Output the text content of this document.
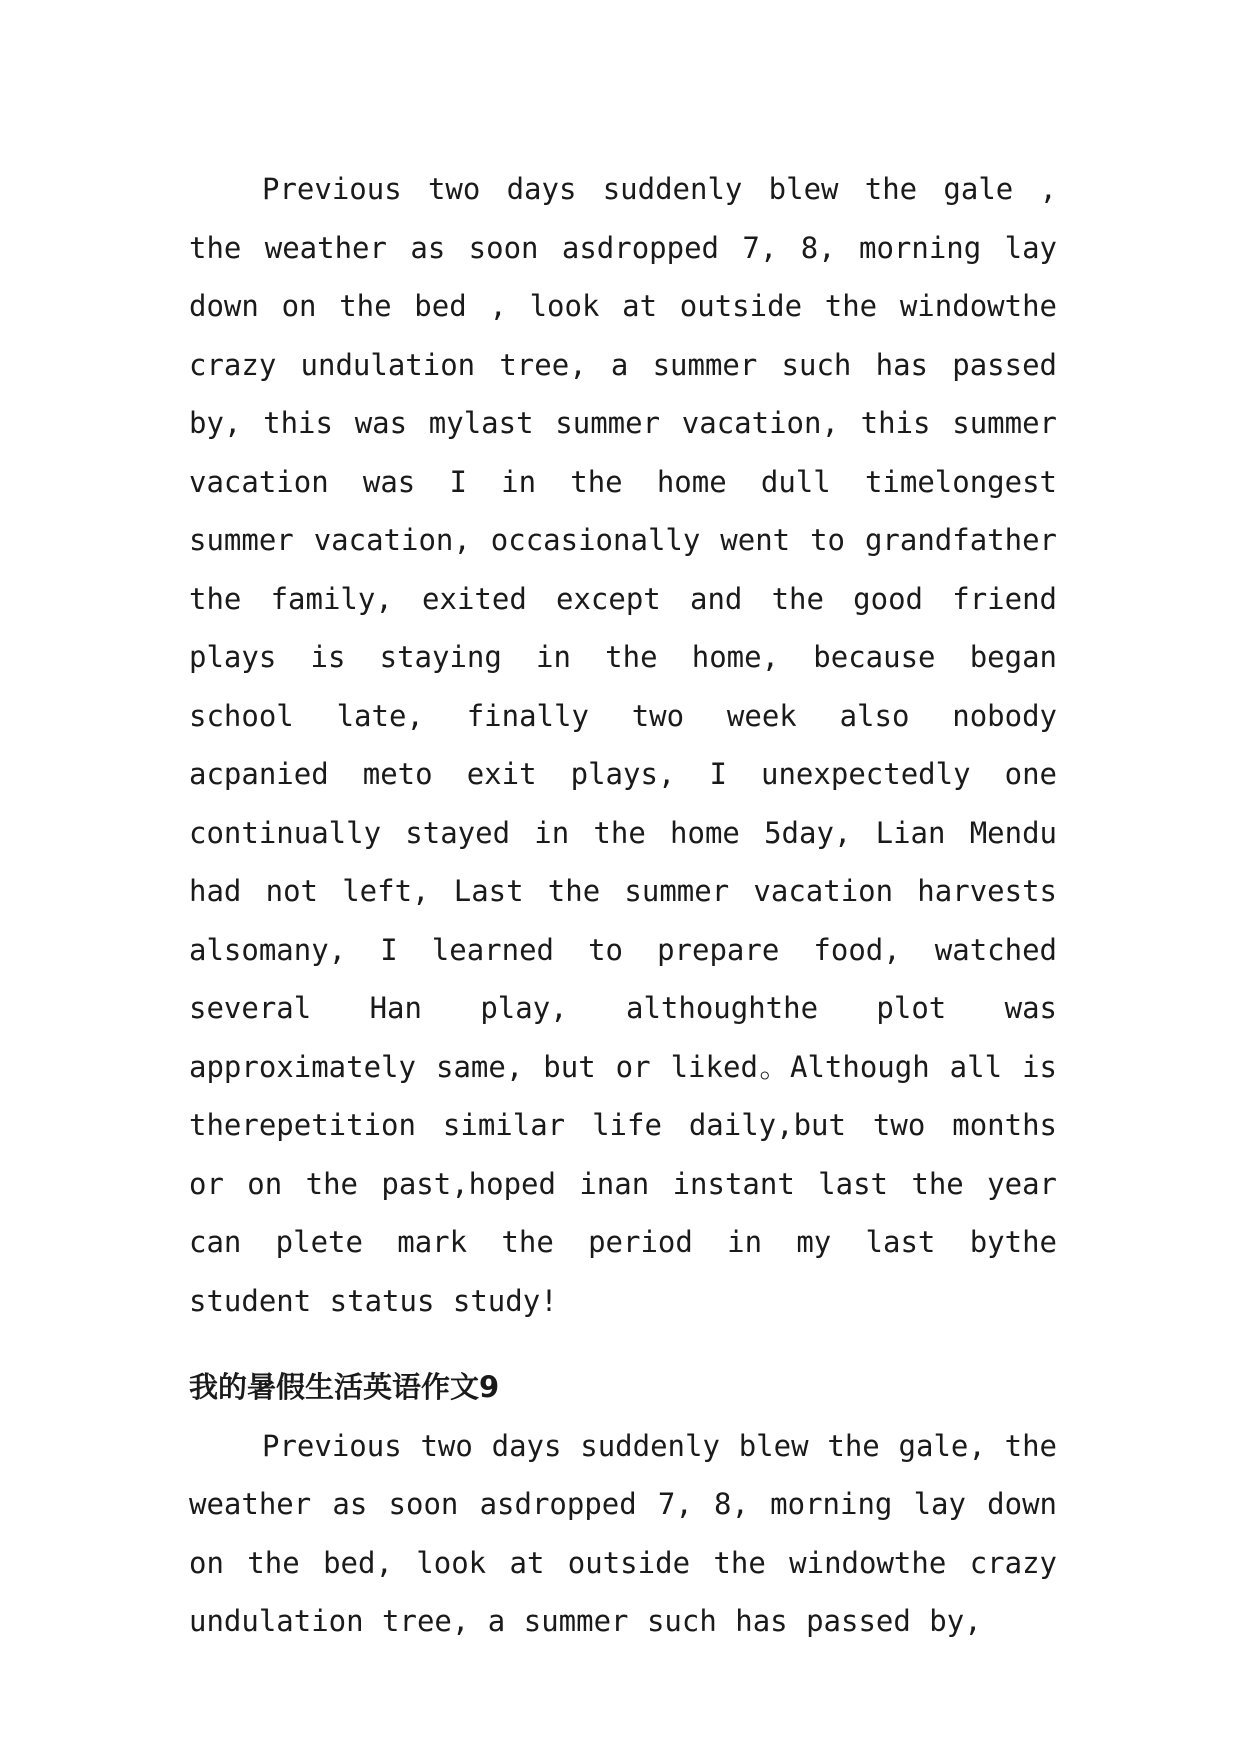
Previous two days suddenly blew the gale , the weather as soon asdropped 7, 8, morning lay down on the bed , look at outside the windowthe crazy undulation tree, a summer such has passed by, this was mylast summer vacation, this summer vacation was I in the home dull timelongest summer vacation, occasionally went to grandfather the family, exited except and the good friend plays is staying in the home, because began school late, finally two week also nobody acpanied meto exit plays, I unexpectedly one continually stayed in the home 5day, Lian Mendu had not left, Last the summer vacation harvests alsomany, I learned to prepare food, watched several Han play, althoughthe plot was approximately same, but or liked。Although all is therepetition similar life daily,but two months or on the past,hoped inan instant last the year can plete mark the period in my last bythe student status study!

我的暑假生活英语作文9

Previous two days suddenly blew the gale, the weather as soon asdropped 7, 8, morning lay down on the bed, look at outside the windowthe crazy undulation tree, a summer such has passed by,
